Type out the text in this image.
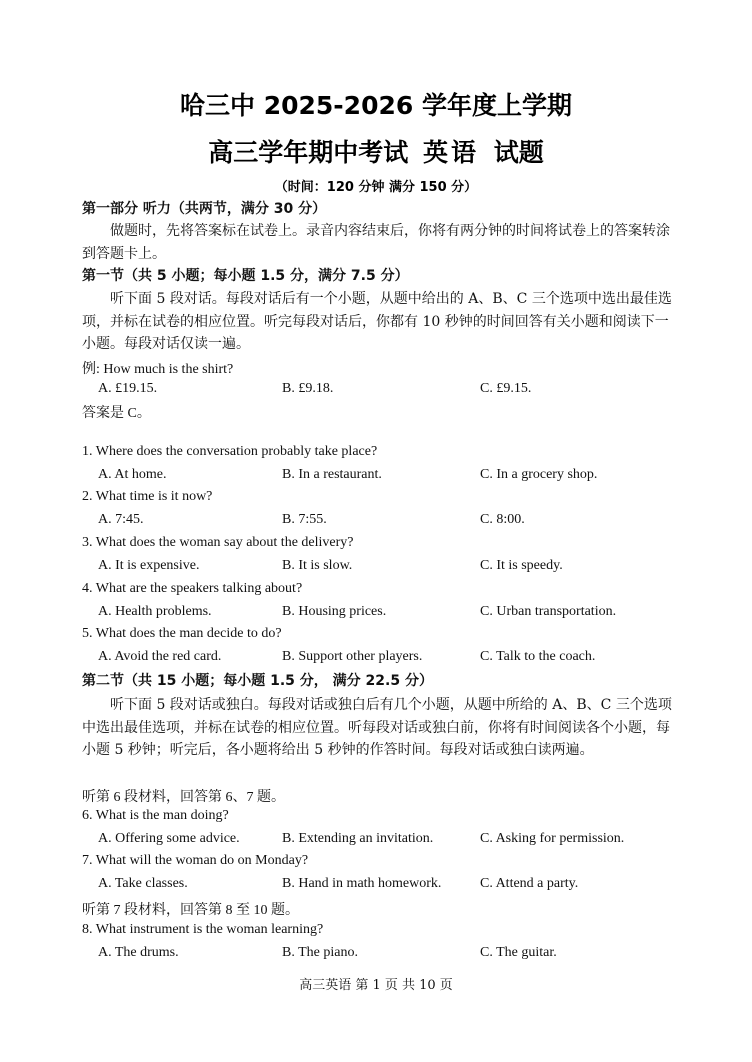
哈三中 2025-2026 学年度上学期
高三学年期中考试 英语 试题
（时间：120 分钟 满分 150 分）
第一部分 听力（共两节，满分 30 分）
做题时，先将答案标在试卷上。录音内容结束后，你将有两分钟的时间将试卷上的答案转涂到答题卡上。
第一节（共 5 小题；每小题 1.5 分，满分 7.5 分）
听下面 5 段对话。每段对话后有一个小题，从题中给出的 A、B、C 三个选项中选出最佳选项，并标在试卷的相应位置。听完每段对话后，你都有 10 秒钟的时间回答有关小题和阅读下一小题。每段对话仅读一遍。
例: How much is the shirt?
A. £19.15.	B. £9.18.	C. £9.15.
答案是 C。
1. Where does the conversation probably take place?
A. At home.	B. In a restaurant.	C. In a grocery shop.
2. What time is it now?
A. 7:45.	B. 7:55.	C. 8:00.
3. What does the woman say about the delivery?
A. It is expensive.	B. It is slow.	C. It is speedy.
4. What are the speakers talking about?
A. Health problems.	B. Housing prices.	C. Urban transportation.
5. What does the man decide to do?
A. Avoid the red card.	B. Support other players.	C. Talk to the coach.
第二节（共 15 小题；每小题 1.5 分， 满分 22.5 分）
听下面 5 段对话或独白。每段对话或独白后有几个小题，从题中所给的 A、B、C 三个选项中选出最佳选项，并标在试卷的相应位置。听每段对话或独白前，你将有时间阅读各个小题，每小题 5 秒钟；听完后，各小题将给出 5 秒钟的作答时间。每段对话或独白读两遍。
听第 6 段材料，回答第 6、7 题。
6. What is the man doing?
A. Offering some advice.	B. Extending an invitation.	C. Asking for permission.
7. What will the woman do on Monday?
A. Take classes.	B. Hand in math homework.	C. Attend a party.
听第 7 段材料，回答第 8 至 10 题。
8. What instrument is the woman learning?
A. The drums.	B. The piano.	C. The guitar.
高三英语 第 1 页 共 10 页
